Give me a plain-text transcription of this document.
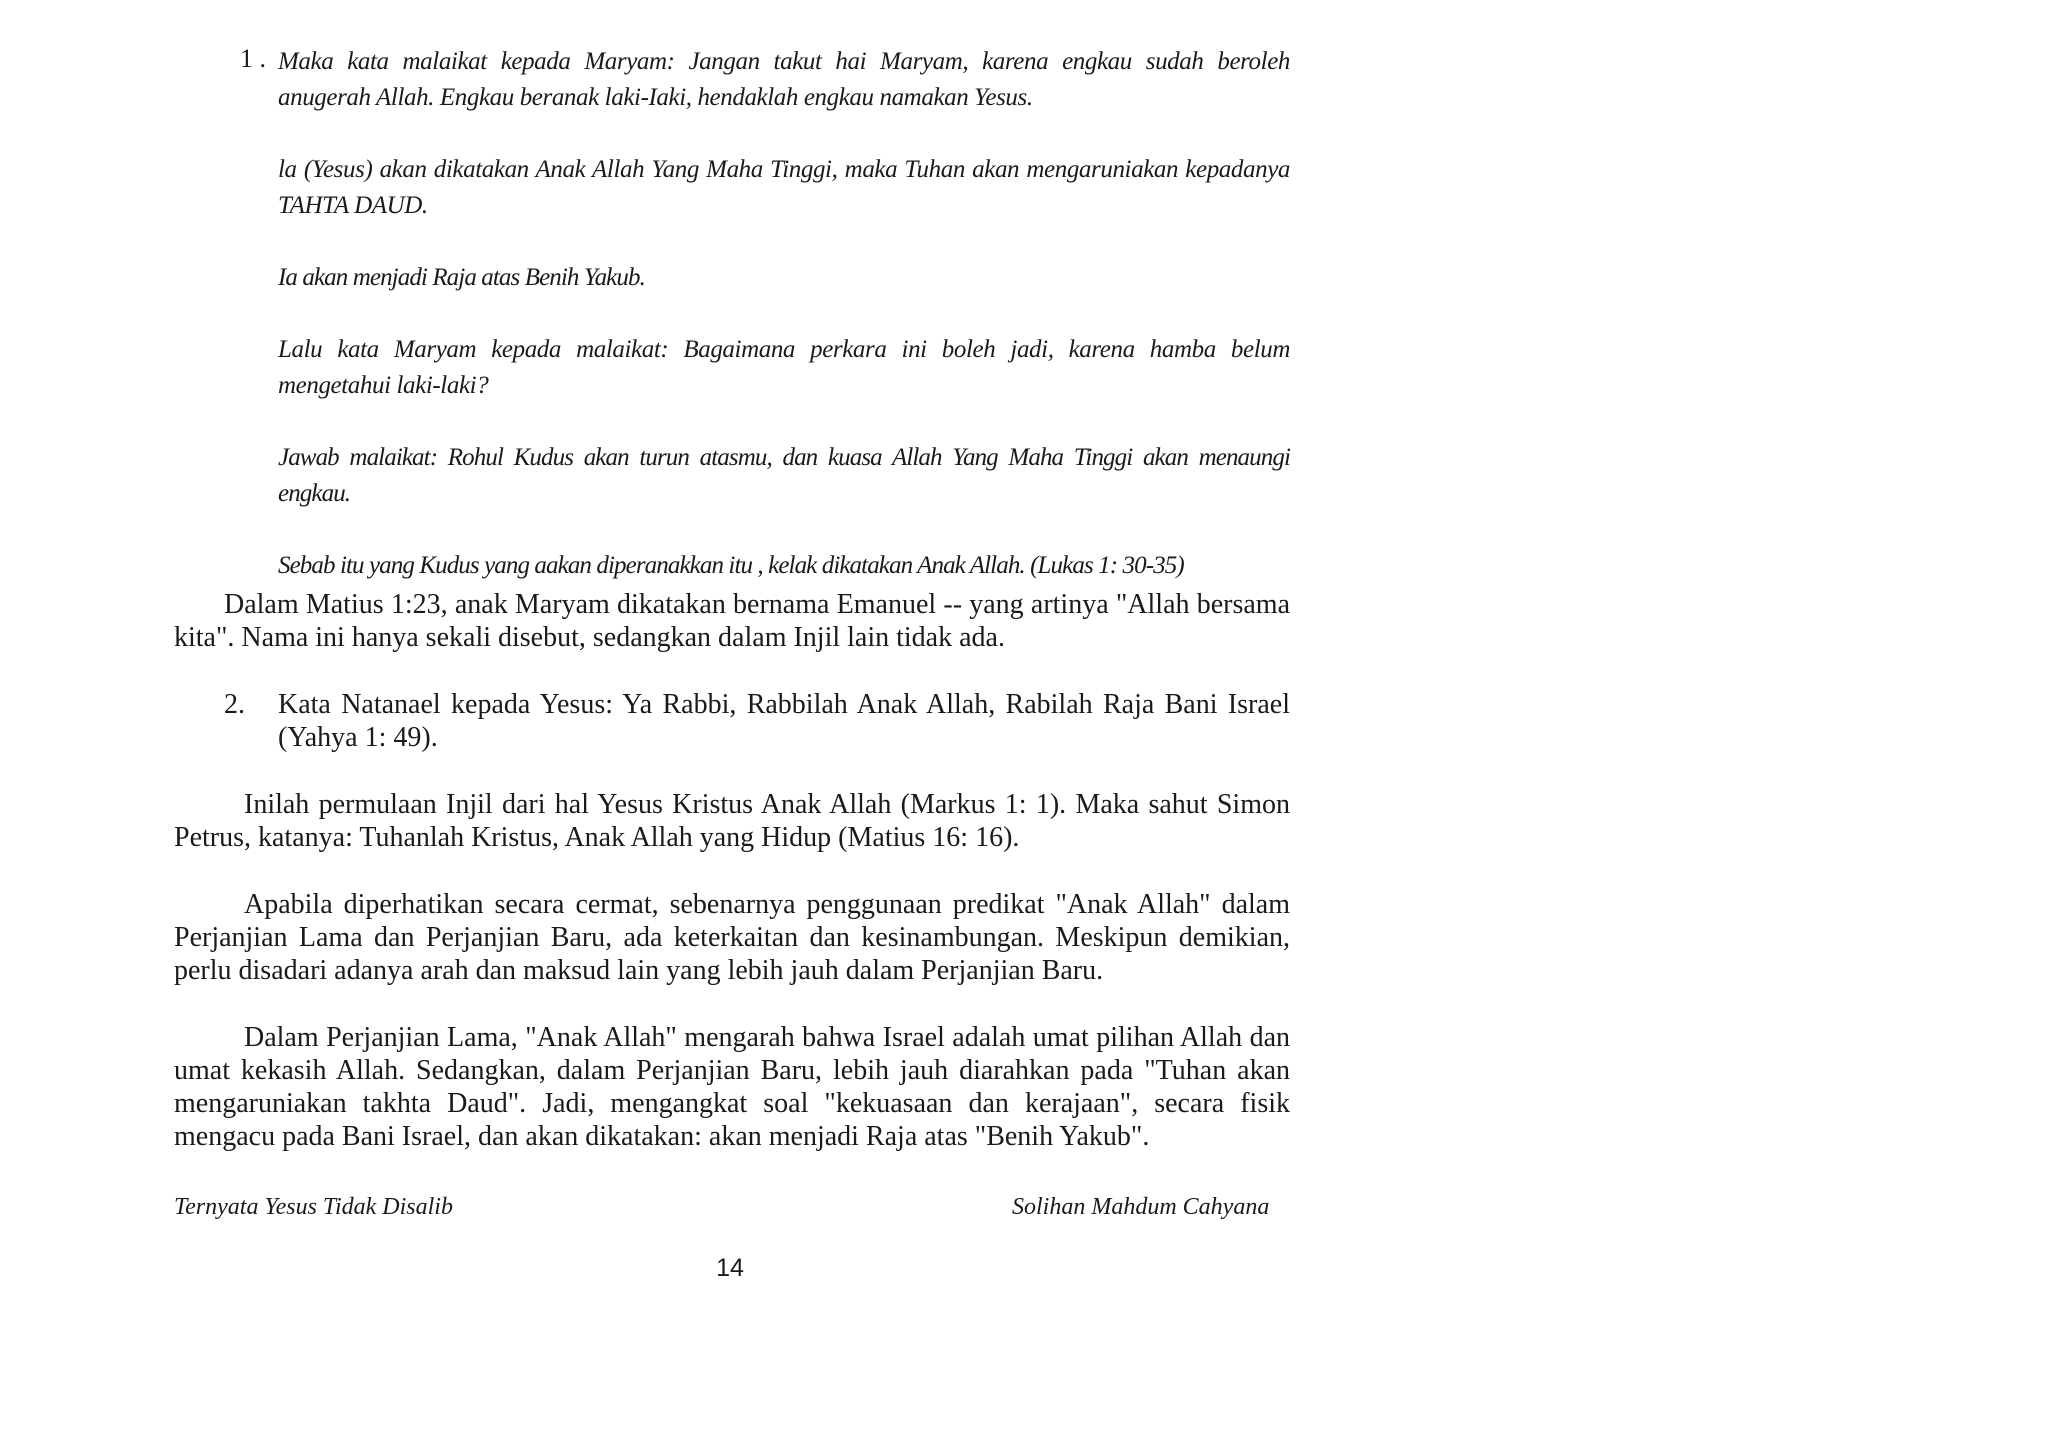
1 . Maka kata malaikat kepada Maryam: Jangan takut hai Maryam, karena engkau sudah beroleh anugerah Allah. Engkau beranak laki-Iaki, hendaklah engkau namakan Yesus.

la (Yesus) akan dikatakan Anak Allah Yang Maha Tinggi, maka Tuhan akan mengaruniakan kepadanya TAHTA DAUD.

Ia akan menjadi Raja atas Benih Yakub.

Lalu kata Maryam kepada malaikat: Bagaimana perkara ini boleh jadi, karena hamba belum mengetahui laki-laki?

Jawab malaikat: Rohul Kudus akan turun atasmu, dan kuasa Allah Yang Maha Tinggi akan menaungi engkau.

Sebab itu yang Kudus yang aakan diperanakkan itu , kelak dikatakan Anak Allah. (Lukas 1: 30-35)

Dalam Matius 1:23, anak Maryam dikatakan bernama Emanuel -- yang artinya "Allah bersama kita". Nama ini hanya sekali disebut, sedangkan dalam Injil lain tidak ada.

2. Kata Natanael kepada Yesus: Ya Rabbi, Rabbilah Anak Allah, Rabilah Raja Bani Israel (Yahya 1: 49).

Inilah permulaan Injil dari hal Yesus Kristus Anak Allah (Markus 1: 1). Maka sahut Simon Petrus, katanya: Tuhanlah Kristus, Anak Allah yang Hidup (Matius 16: 16).

Apabila diperhatikan secara cermat, sebenarnya penggunaan predikat "Anak Allah" dalam Perjanjian Lama dan Perjanjian Baru, ada keterkaitan dan kesinambungan. Meskipun demikian, perlu disadari adanya arah dan maksud lain yang lebih jauh dalam Perjanjian Baru.

Dalam Perjanjian Lama, "Anak Allah" mengarah bahwa Israel adalah umat pilihan Allah dan umat kekasih Allah. Sedangkan, dalam Perjanjian Baru, lebih jauh diarahkan pada "Tuhan akan mengaruniakan takhta Daud". Jadi, mengangkat soal "kekuasaan dan kerajaan", secara fisik mengacu pada Bani Israel, dan akan dikatakan: akan menjadi Raja atas "Benih Yakub".

Ternyata Yesus Tidak Disalib	Solihan Mahdum Cahyana
14
